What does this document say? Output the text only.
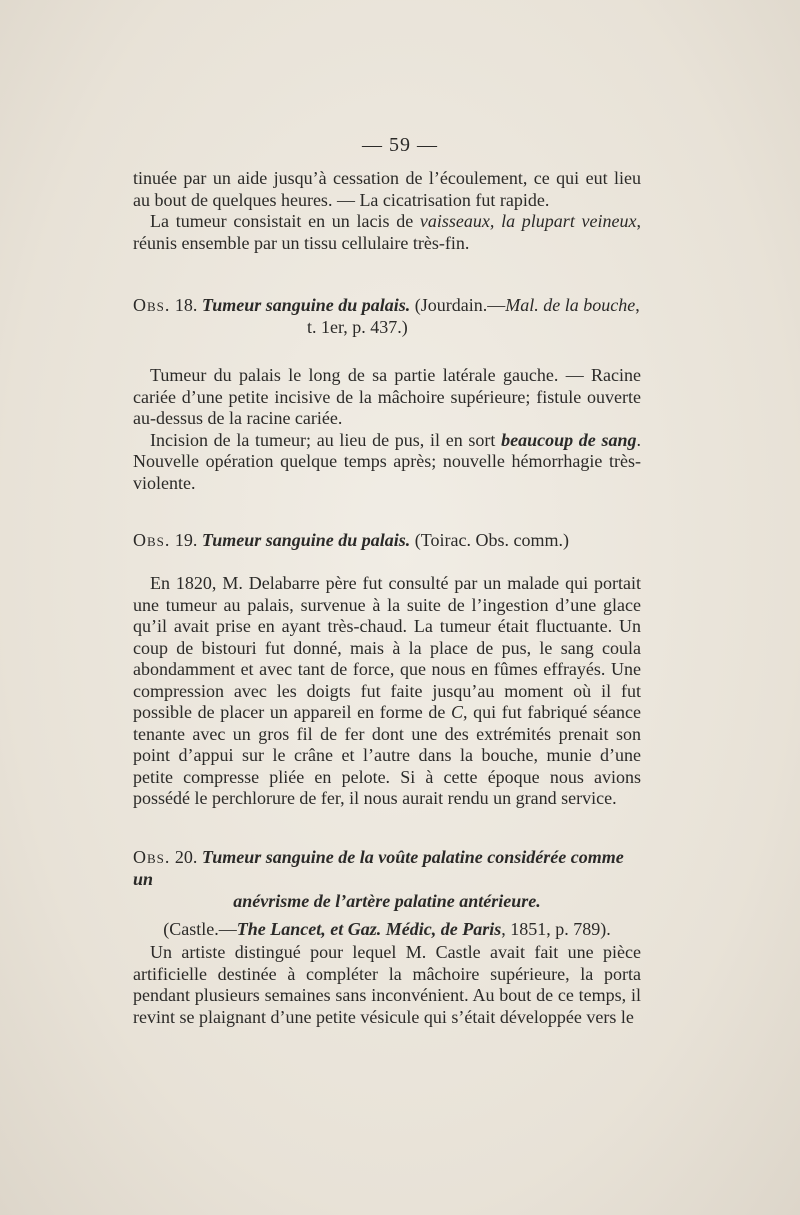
— 59 —

tinuée par un aide jusqu’à cessation de l’écoulement, ce qui eut lieu au bout de quelques heures. — La cicatrisation fut rapide.

La tumeur consistait en un lacis de vaisseaux, la plupart veineux, réunis ensemble par un tissu cellulaire très-fin.

Obs. 18. Tumeur sanguine du palais. (Jourdain.—Mal. de la bouche,
t. 1er, p. 437.)

Tumeur du palais le long de sa partie latérale gauche. — Racine cariée d’une petite incisive de la mâchoire supérieure; fistule ouverte au-dessus de la racine cariée.

Incision de la tumeur; au lieu de pus, il en sort beaucoup de sang. Nouvelle opération quelque temps après; nouvelle hémorrhagie très-violente.

Obs. 19. Tumeur sanguine du palais. (Toirac. Obs. comm.)

En 1820, M. Delabarre père fut consulté par un malade qui portait une tumeur au palais, survenue à la suite de l’ingestion d’une glace qu’il avait prise en ayant très-chaud. La tumeur était fluctuante. Un coup de bistouri fut donné, mais à la place de pus, le sang coula abondamment et avec tant de force, que nous en fûmes effrayés. Une compression avec les doigts fut faite jusqu’au moment où il fut possible de placer un appareil en forme de C, qui fut fabriqué séance tenante avec un gros fil de fer dont une des extrémités prenait son point d’appui sur le crâne et l’autre dans la bouche, munie d’une petite compresse pliée en pelote. Si à cette époque nous avions possédé le perchlorure de fer, il nous aurait rendu un grand service.

Obs. 20. Tumeur sanguine de la voûte palatine considérée comme un
anévrisme de l’artère palatine antérieure.
(Castle.—The Lancet, et Gaz. Médic, de Paris, 1851, p. 789).

Un artiste distingué pour lequel M. Castle avait fait une pièce artificielle destinée à compléter la mâchoire supérieure, la porta pendant plusieurs semaines sans inconvénient. Au bout de ce temps, il revint se plaignant d’une petite vésicule qui s’était développée vers le
